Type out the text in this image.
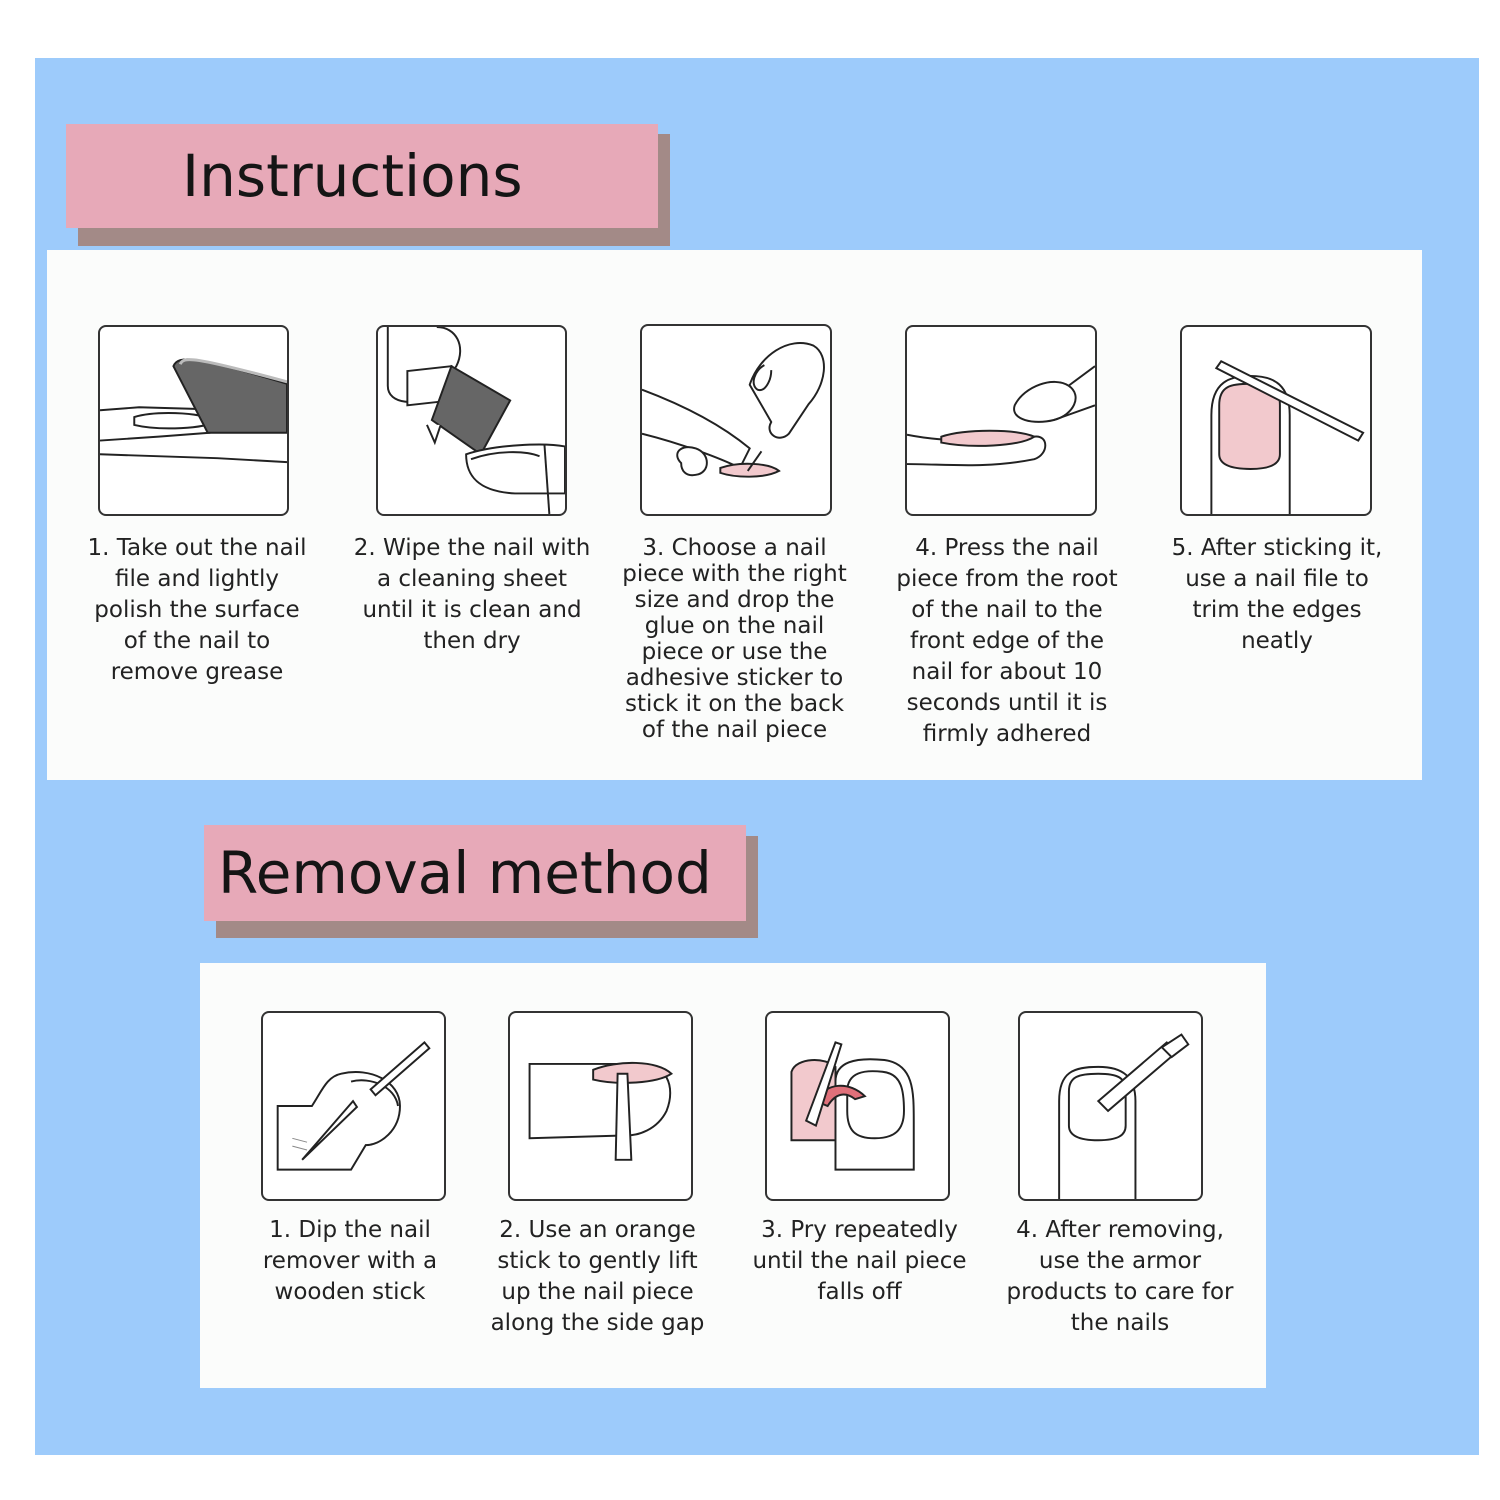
Instructions
1. Take out the nail file and lightly polish the surface of the nail to remove grease
2. Wipe the nail with a cleaning sheet until it is clean and then dry
3. Choose a nail piece with the right size and drop the glue on the nail piece or use the adhesive sticker to stick it on the back of the nail piece
4. Press the nail piece from the root of the nail to the front edge of the nail for about 10 seconds until it is firmly adhered
5. After sticking it, use a nail file to trim the edges neatly
Removal method
1. Dip the nail remover with a wooden stick
2. Use an orange stick to gently lift up the nail piece along the side gap
3. Pry repeatedly until the nail piece falls off
4. After removing, use the armor products to care for the nails
